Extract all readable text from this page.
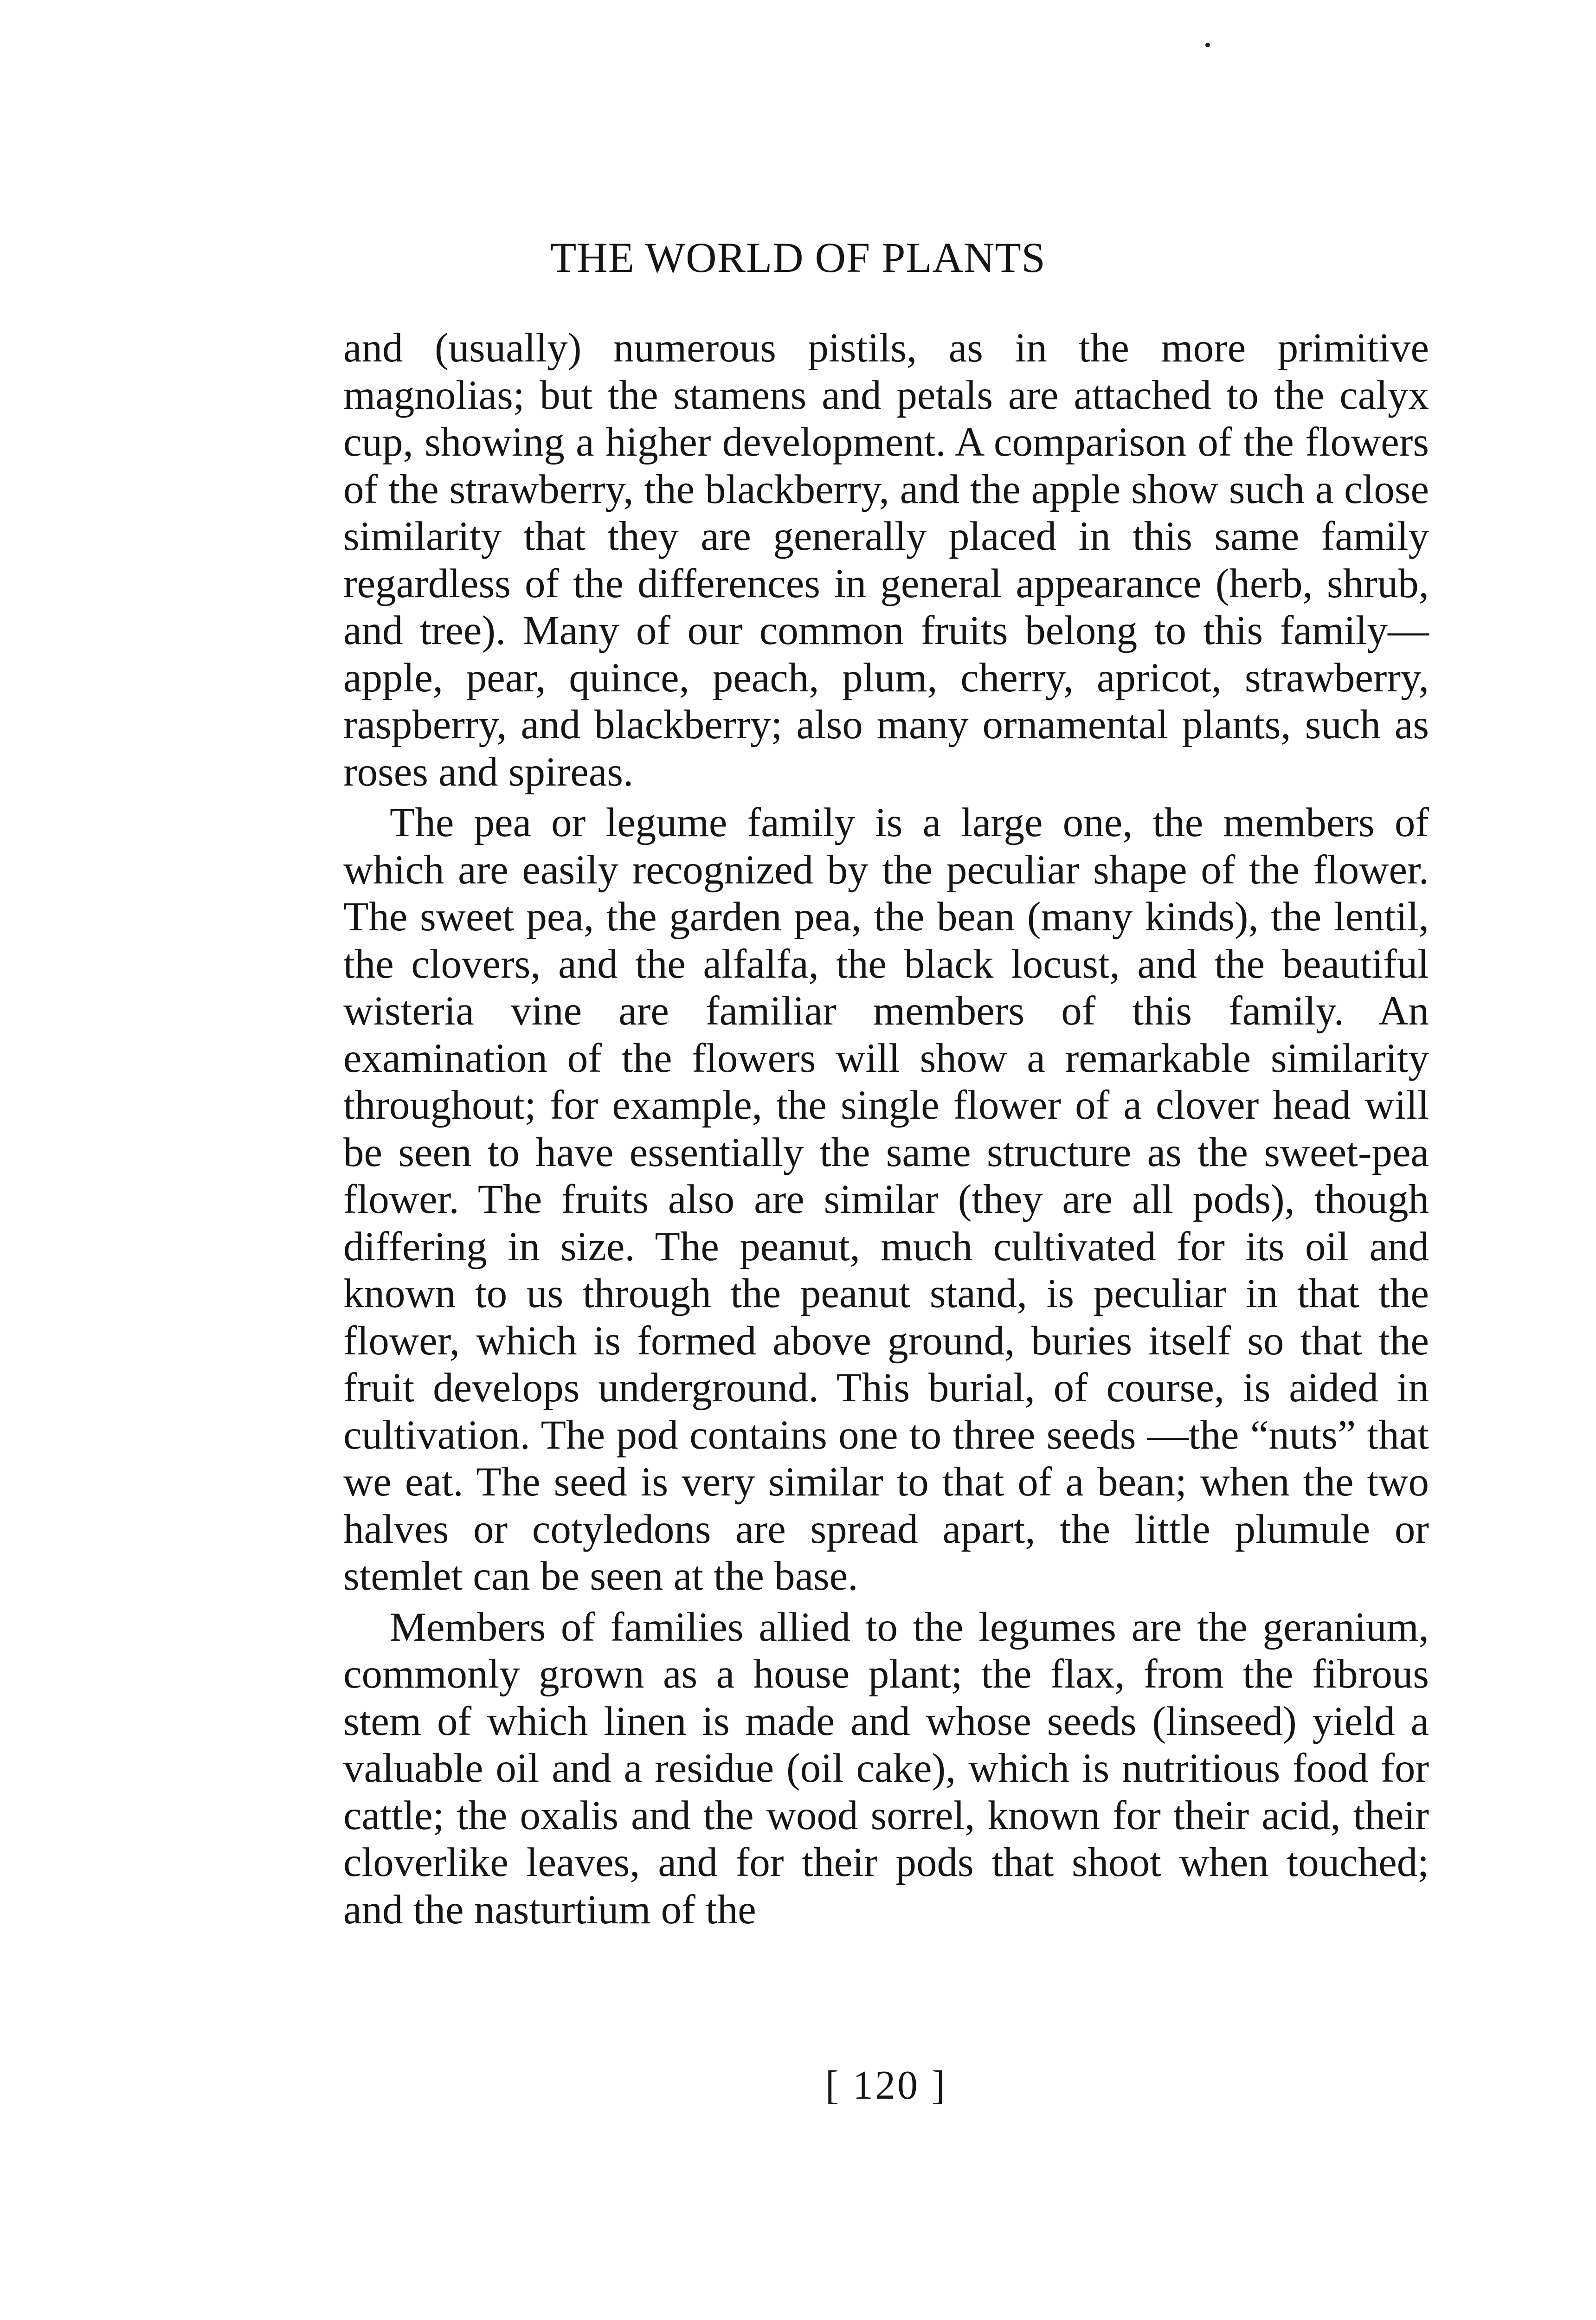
THE WORLD OF PLANTS

and (usually) numerous pistils, as in the more primitive magnolias; but the stamens and petals are attached to the calyx cup, showing a higher development. A comparison of the flowers of the strawberry, the blackberry, and the apple show such a close similarity that they are generally placed in this same family regardless of the differences in general appearance (herb, shrub, and tree). Many of our common fruits belong to this family—apple, pear, quince, peach, plum, cherry, apricot, strawberry, raspberry, and blackberry; also many ornamental plants, such as roses and spireas.

The pea or legume family is a large one, the members of which are easily recognized by the peculiar shape of the flower. The sweet pea, the garden pea, the bean (many kinds), the lentil, the clovers, and the alfalfa, the black locust, and the beautiful wisteria vine are familiar members of this family. An examination of the flowers will show a remarkable similarity throughout; for example, the single flower of a clover head will be seen to have essentially the same structure as the sweet-pea flower. The fruits also are similar (they are all pods), though differing in size. The peanut, much cultivated for its oil and known to us through the peanut stand, is peculiar in that the flower, which is formed above ground, buries itself so that the fruit develops underground. This burial, of course, is aided in cultivation. The pod contains one to three seeds —the “nuts” that we eat. The seed is very similar to that of a bean; when the two halves or cotyledons are spread apart, the little plumule or stemlet can be seen at the base.

Members of families allied to the legumes are the geranium, commonly grown as a house plant; the flax, from the fibrous stem of which linen is made and whose seeds (linseed) yield a valuable oil and a residue (oil cake), which is nutritious food for cattle; the oxalis and the wood sorrel, known for their acid, their cloverlike leaves, and for their pods that shoot when touched; and the nasturtium of the

[ 120 ]
